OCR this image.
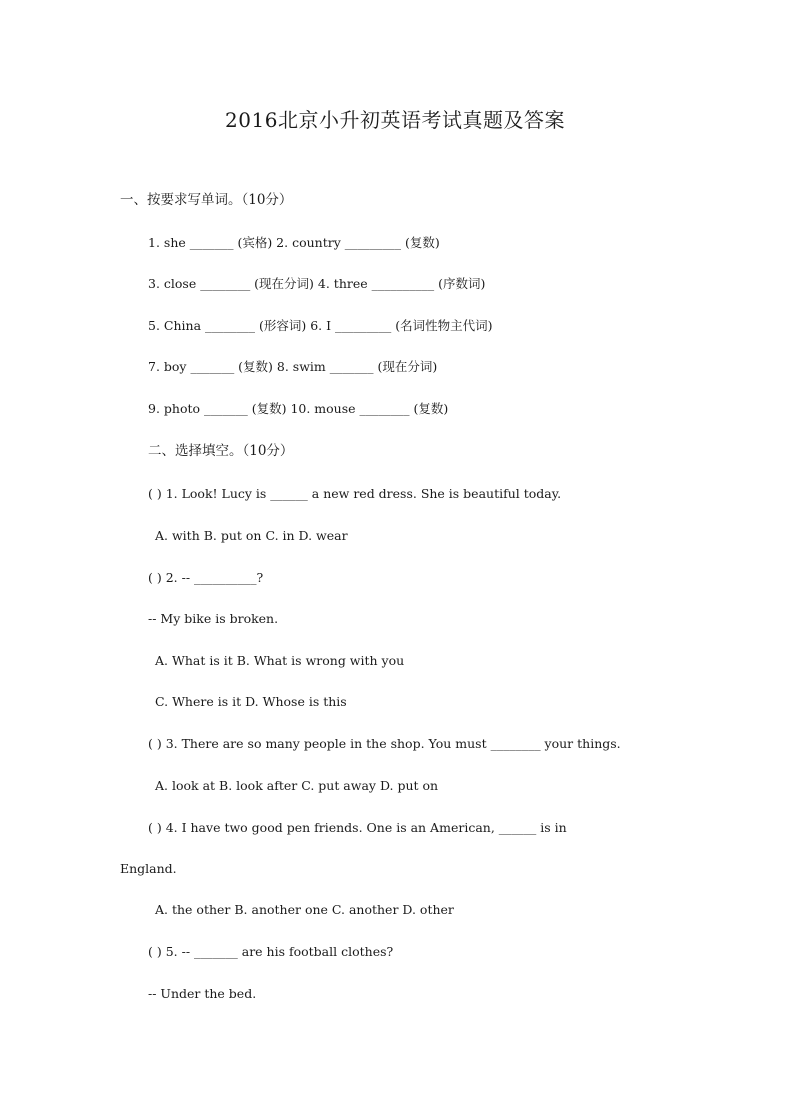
2016北京小升初英语考试真题及答案
一、按要求写单词。（10分）
1. she _______ (宾格) 2. country _________ (复数)
3. close ________ (现在分词) 4. three __________ (序数词)
5. China ________ (形容词) 6. I _________ (名词性物主代词)
7. boy _______ (复数) 8. swim _______ (现在分词)
9. photo _______ (复数) 10. mouse ________ (复数)
二、选择填空。（10分）
( ) 1. Look! Lucy is ______ a new red dress. She is beautiful today.
A. with B. put on C. in D. wear
( ) 2. -- __________?
-- My bike is broken.
A. What is it B. What is wrong with you
C. Where is it D. Whose is this
( ) 3. There are so many people in the shop. You must ________ your things.
A. look at B. look after C. put away D. put on
( ) 4. I have two good pen friends. One is an American, ______ is in
England.
A. the other B. another one C. another D. other
( ) 5. -- _______ are his football clothes?
-- Under the bed.
